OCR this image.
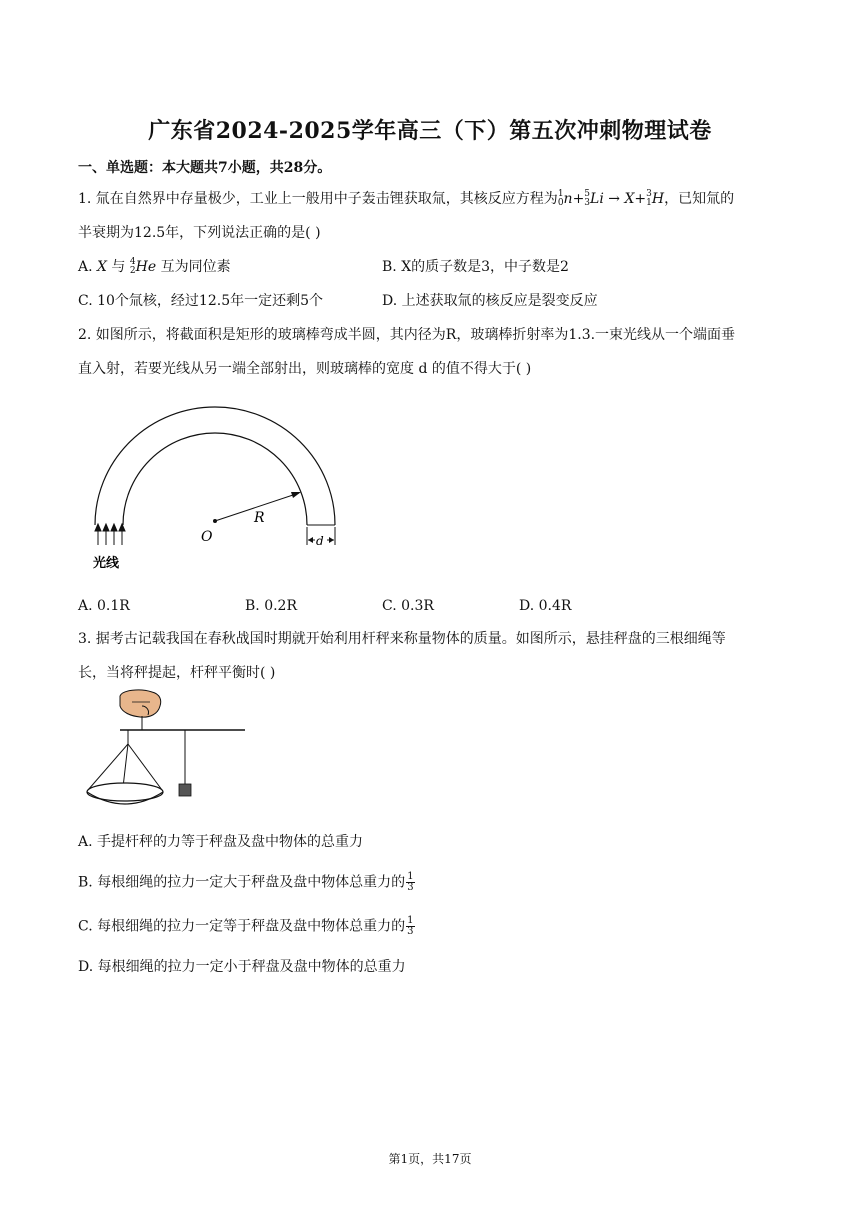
广东省2024-2025学年高三（下）第五次冲刺物理试卷
一、单选题：本大题共7小题，共28分。
1. 氚在自然界中存量极少，工业上一般用中子轰击锂获取氚，其核反应方程为 1
0 n+ 5
3 Li → X+ 3
1 H，已知氚的
半衰期为12.5年，下列说法正确的是( )
A. X 与 4
2 He 互为同位素	B. X的质子数是3，中子数是2
C. 10个氚核，经过12.5年一定还剩5个	D. 上述获取氚的核反应是裂变反应
2. 如图所示，将截面积是矩形的玻璃棒弯成半圆，其内径为R，玻璃棒折射率为1.3.一束光线从一个端面垂
直入射，若要光线从另一端全部射出，则玻璃棒的宽度 d 的值不得大于( )
R
O	d
光线
A. 0.1R	B. 0.2R	C. 0.3R	D. 0.4R
3. 据考古记载我国在春秋战国时期就开始利用杆秤来称量物体的质量。如图所示，悬挂秤盘的三根细绳等
长，当将秤提起，杆秤平衡时( )
A. 手提杆秤的力等于秤盘及盘中物体的总重力
B. 每根细绳的拉力一定大于秤盘及盘中物体总重力的 $\frac{1}{3}$
C. 每根细绳的拉力一定等于秤盘及盘中物体总重力的 $\frac{1}{3}$
D. 每根细绳的拉力一定小于秤盘及盘中物体的总重力
第1页，共17页
